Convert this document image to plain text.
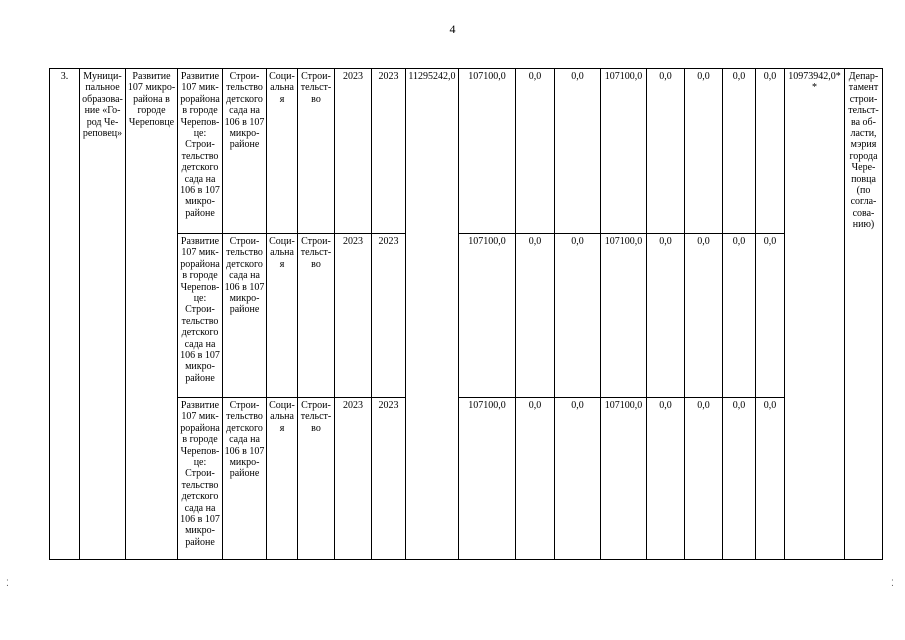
4
3.	Муници-пальное образова-ние «Го-род Че-реповец»	Развитие 107 микро-района в городе Череповце	Развитие 107 мик-рорайона в городе Черепов-це: Строи-тельство детского сада на 106 в 107 микро-районе	Строи-тельство детского сада на 106 в 107 микро-районе	Соци-альная	Строи-тельст-во	2023	2023	11295242,0	107100,0	0,0	0,0	107100,0	0,0	0,0	0,0	0,0	10973942,0**	Депар-тамент строи-тельст-ва об-ласти, мэрия города Чере-повца (по согла-сова-нию)
			Развитие 107 мик-рорайона в городе Черепов-це: Строи-тельство детского сада на 106 в 107 микро-районе	Строи-тельство детского сада на 106 в 107 микро-районе	Соци-альная	Строи-тельст-во	2023	2023		107100,0	0,0	0,0	107100,0	0,0	0,0	0,0	0,0		
			Развитие 107 мик-рорайона в городе Черепов-це: Строи-тельство детского сада на 106 в 107 микро-районе	Строи-тельство детского сада на 106 в 107 микро-районе	Соци-альная	Строи-тельст-во	2023	2023		107100,0	0,0	0,0	107100,0	0,0	0,0	0,0	0,0		
⁚	⁚
